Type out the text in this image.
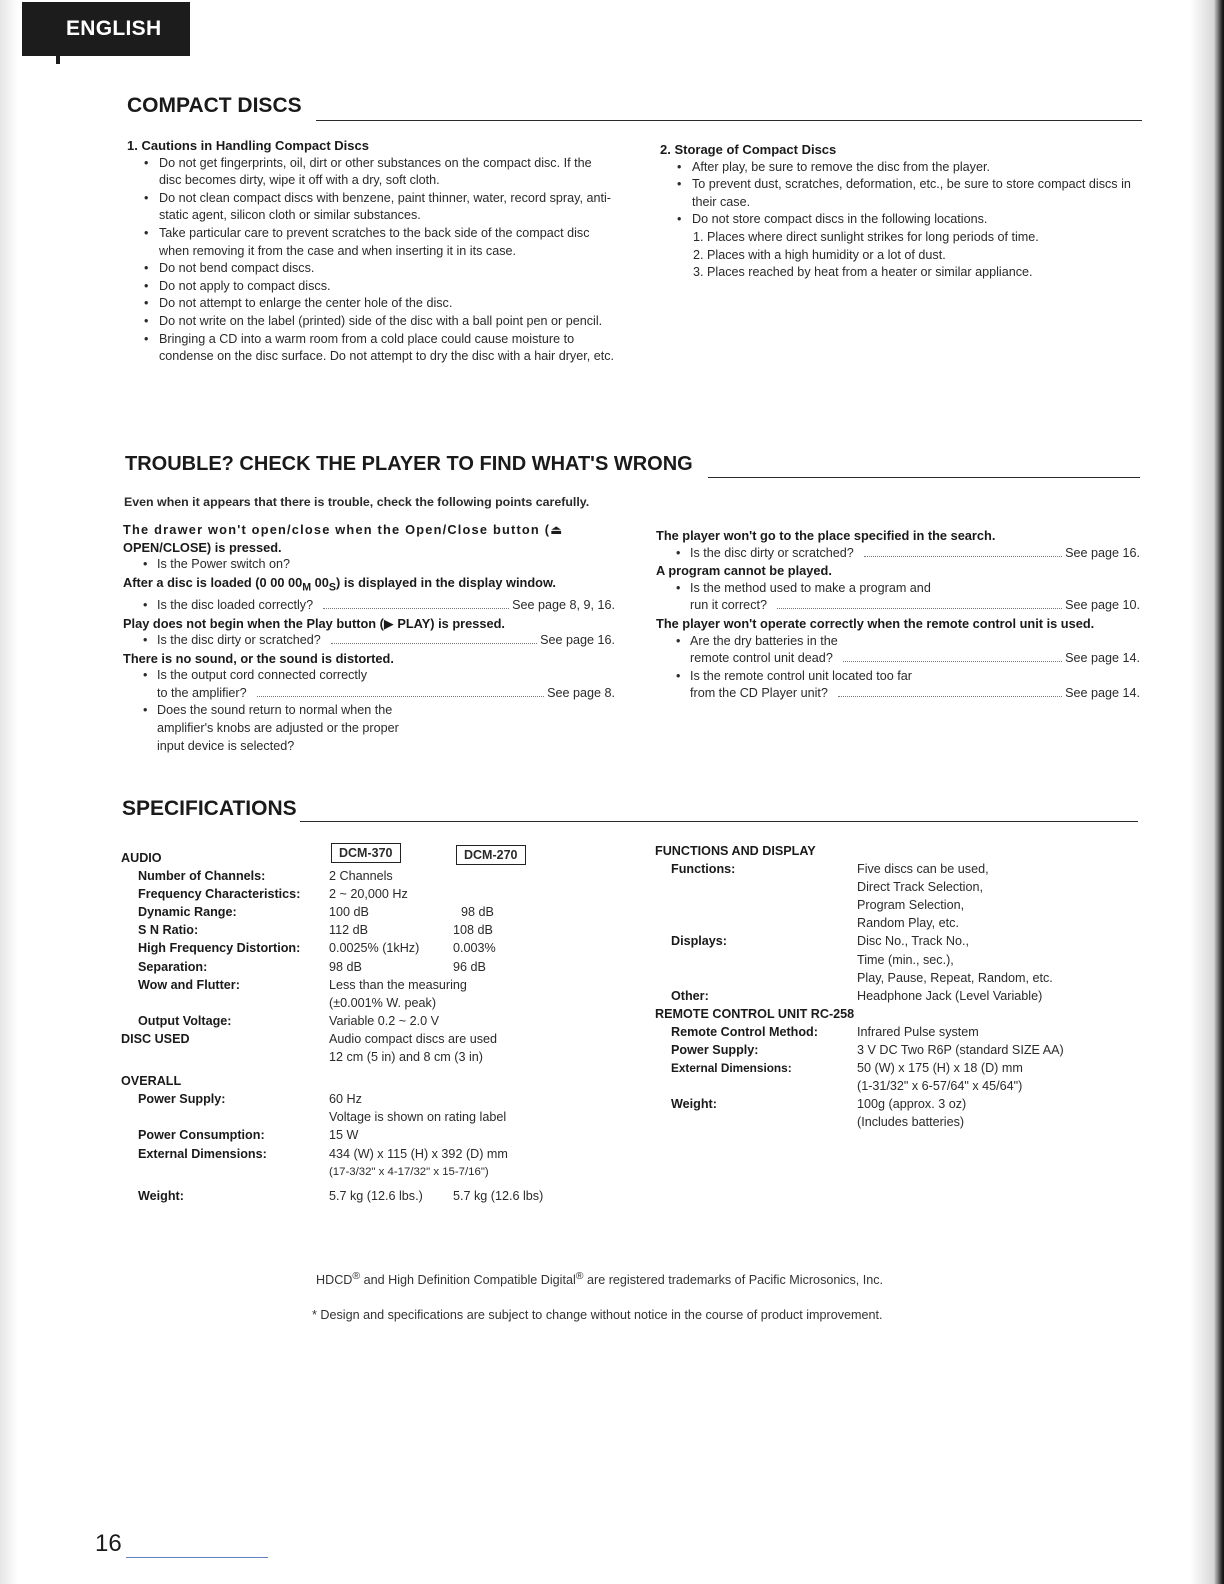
ENGLISH
COMPACT DISCS
1. Cautions in Handling Compact Discs
• Do not get fingerprints, oil, dirt or other substances on the compact disc. If the disc becomes dirty, wipe it off with a dry, soft cloth.
• Do not clean compact discs with benzene, paint thinner, water, record spray, anti-static agent, silicon cloth or similar substances.
• Take particular care to prevent scratches to the back side of the compact disc when removing it from the case and when inserting it in its case.
• Do not bend compact discs.
• Do not apply to compact discs.
• Do not attempt to enlarge the center hole of the disc.
• Do not write on the label (printed) side of the disc with a ball point pen or pencil.
• Bringing a CD into a warm room from a cold place could cause moisture to condense on the disc surface. Do not attempt to dry the disc with a hair dryer, etc.
2. Storage of Compact Discs
• After play, be sure to remove the disc from the player.
• To prevent dust, scratches, deformation, etc., be sure to store compact discs in their case.
• Do not store compact discs in the following locations.
1. Places where direct sunlight strikes for long periods of time.
2. Places with a high humidity or a lot of dust.
3. Places reached by heat from a heater or similar appliance.
TROUBLE? CHECK THE PLAYER TO FIND WHAT'S WRONG
Even when it appears that there is trouble, check the following points carefully.
The drawer won't open/close when the Open/Close button (⏏
OPEN/CLOSE) is pressed.
• Is the Power switch on?
After a disc is loaded (0 00 $00_M$ $00_S$) is displayed in the display window.
• Is the disc loaded correctly?	See page 8, 9, 16.
Play does not begin when the Play button (▶ PLAY) is pressed.
• Is the disc dirty or scratched?	See page 16.
There is no sound, or the sound is distorted.
• Is the output cord connected correctly
to the amplifier?	See page 8.
• Does the sound return to normal when the
amplifier's knobs are adjusted or the proper
input device is selected?
The player won't go to the place specified in the search.
• Is the disc dirty or scratched?	See page 16.
A program cannot be played.
• Is the method used to make a program and
run it correct?	See page 10.
The player won't operate correctly when the remote control unit is used.
• Are the dry batteries in the
remote control unit dead?	See page 14.
• Is the remote control unit located too far
from the CD Player unit?	See page 14.
SPECIFICATIONS
DCM-370	DCM-270
AUDIO
Number of Channels:	2 Channels
Frequency Characteristics:	2 ~ 20,000 Hz
Dynamic Range:	100 dB	98 dB
S N Ratio:	112 dB	108 dB
High Frequency Distortion:	0.0025% (1kHz)	0.003%
Separation:	98 dB	96 dB
Wow and Flutter:	Less than the measuring
(±0.001% W. peak)
Output Voltage:	Variable 0.2 ~ 2.0 V
DISC USED	Audio compact discs are used
12 cm (5 in) and 8 cm (3 in)
OVERALL
Power Supply:	60 Hz
Voltage is shown on rating label
Power Consumption:	15 W
External Dimensions:	434 (W) x 115 (H) x 392 (D) mm
(17-3/32" x 4-17/32" x 15-7/16")
Weight:	5.7 kg (12.6 lbs.)	5.7 kg (12.6 lbs)
FUNCTIONS AND DISPLAY
Functions:	Five discs can be used,
Direct Track Selection,
Program Selection,
Random Play, etc.
Displays:	Disc No., Track No.,
Time (min., sec.),
Play, Pause, Repeat, Random, etc.
Other:	Headphone Jack (Level Variable)
REMOTE CONTROL UNIT RC-258
Remote Control Method:	Infrared Pulse system
Power Supply:	3 V DC Two R6P (standard SIZE AA)
External Dimensions:	50 (W) x 175 (H) x 18 (D) mm
(1-31/32" x 6-57/64" x 45/64")
Weight:	100g (approx. 3 oz)
(Includes batteries)
HDCD® and High Definition Compatible Digital® are registered trademarks of Pacific Microsonics, Inc.
* Design and specifications are subject to change without notice in the course of product improvement.
16
